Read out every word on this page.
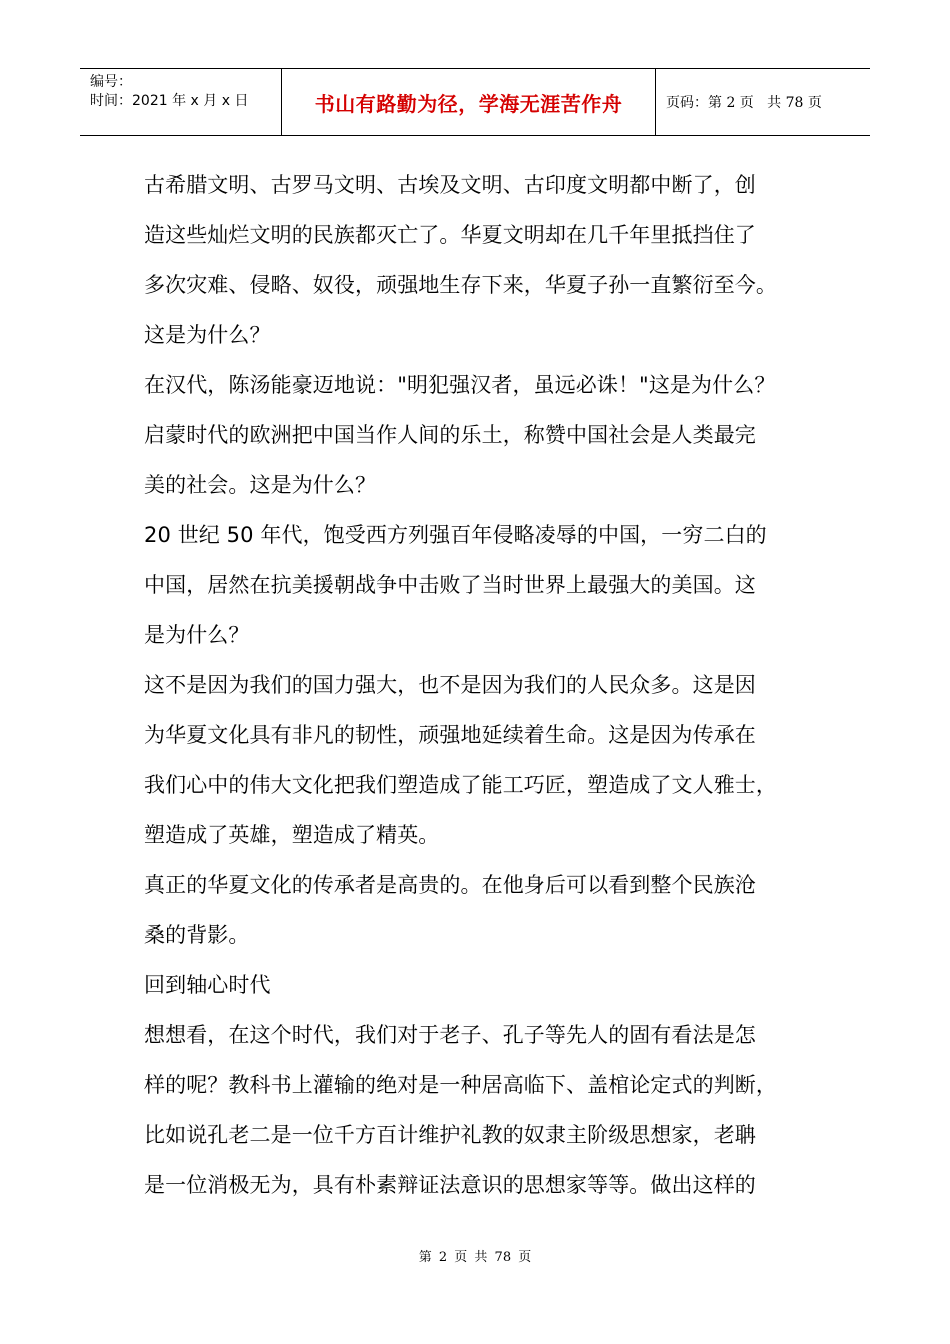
编号：
时间：2021 年 x 月 x 日	书山有路勤为径，学海无涯苦作舟	页码：第 2 页   共 78 页
古希腊文明、古罗马文明、古埃及文明、古印度文明都中断了，创
造这些灿烂文明的民族都灭亡了。华夏文明却在几千年里抵挡住了
多次灾难、侵略、奴役，顽强地生存下来，华夏子孙一直繁衍至今。
这是为什么？
在汉代，陈汤能豪迈地说："明犯强汉者，虽远必诛！"这是为什么？
启蒙时代的欧洲把中国当作人间的乐土，称赞中国社会是人类最完
美的社会。这是为什么？
20 世纪 50 年代，饱受西方列强百年侵略凌辱的中国，一穷二白的
中国，居然在抗美援朝战争中击败了当时世界上最强大的美国。这
是为什么？
这不是因为我们的国力强大，也不是因为我们的人民众多。这是因
为华夏文化具有非凡的韧性，顽强地延续着生命。这是因为传承在
我们心中的伟大文化把我们塑造成了能工巧匠，塑造成了文人雅士，
塑造成了英雄，塑造成了精英。
真正的华夏文化的传承者是高贵的。在他身后可以看到整个民族沧
桑的背影。
回到轴心时代
想想看，在这个时代，我们对于老子、孔子等先人的固有看法是怎
样的呢？教科书上灌输的绝对是一种居高临下、盖棺论定式的判断，
比如说孔老二是一位千方百计维护礼教的奴隶主阶级思想家，老聃
是一位消极无为，具有朴素辩证法意识的思想家等等。做出这样的
第 2 页 共 78 页
